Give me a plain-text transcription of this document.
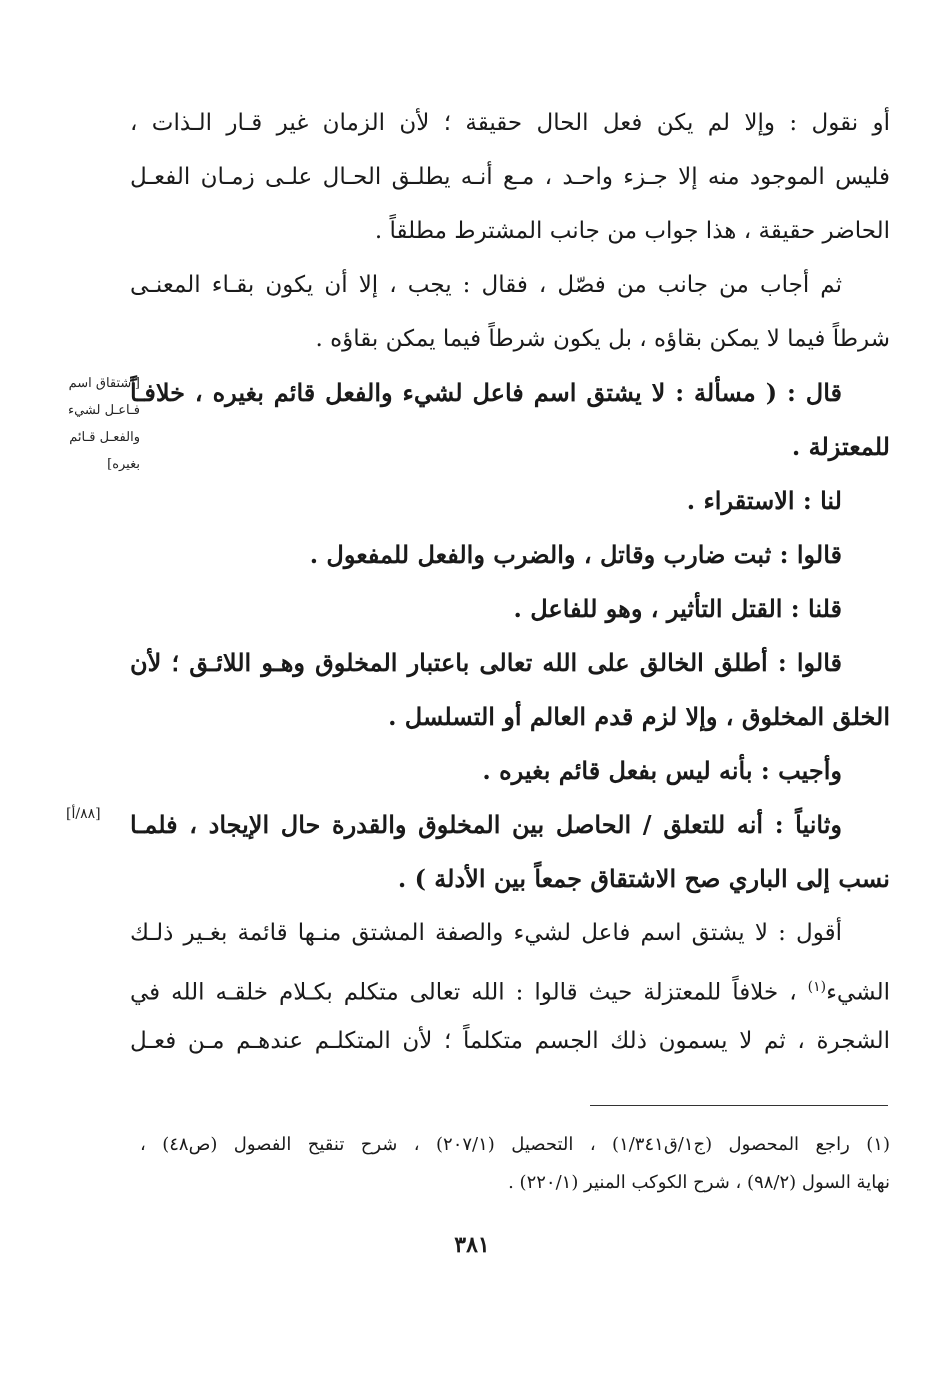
أو نقول : وإلا لم يكن فعل الحال حقيقة ؛ لأن الزمان غير قـار الـذات ،
فليس الموجود منه إلا جـزء واحـد ، مـع أنـه يطلـق الحـال علـى زمـان الفعـل
الحاضر حقيقة ، هذا جواب من جانب المشترط مطلقاً .
ثم أجاب من جانب من فصّل ، فقال : يجب ، إلا أن يكون بقـاء المعنـى
شرطاً فيما لا يمكن بقاؤه ، بل يكون شرطاً فيما يمكن بقاؤه .
قال : ( مسألة : لا يشتق اسم فاعل لشيء والفعل قائم بغيره ، خلافـاً
للمعتزلة .
لنا : الاستقراء .
قالوا : ثبت ضارب وقاتل ، والضرب والفعل للمفعول .
قلنا : القتل التأثير ، وهو للفاعل .
قالوا : أطلق الخالق على الله تعالى باعتبار المخلوق وهـو اللائـق ؛ لأن
الخلق المخلوق ، وإلا لزم قدم العالم أو التسلسل .
وأجيب : بأنه ليس بفعل قائم بغيره .
وثانياً : أنه للتعلق / الحاصل بين المخلوق والقدرة حال الإيجاد ، فلمـا
نسب إلى الباري صح الاشتقاق جمعاً بين الأدلة ) .
أقول : لا يشتق اسم فاعل لشيء والصفة المشتق منـها قائمة بغـير ذلـك
الشيء$^{(١)}$ ، خلافاً للمعتزلة حيث قالوا : الله تعالى متكلم بكـلام خلقـه الله في
الشجرة ، ثم لا يسمون ذلك الجسم متكلماً ؛ لأن المتكلـم عندهـم مـن فعـل
[اشتقاق اسم
فـاعـل لشيء
والفعـل قـائم
بغيره]
[٨٨/أ]
(١) راجع المحصول (ج١/ق١/٣٤١) ، التحصيل (٢٠٧/١) ، شرح تنقيح الفصول (ص٤٨) ،
نهاية السول (٩٨/٢) ، شرح الكوكب المنير (٢٢٠/١) .
٣٨١
